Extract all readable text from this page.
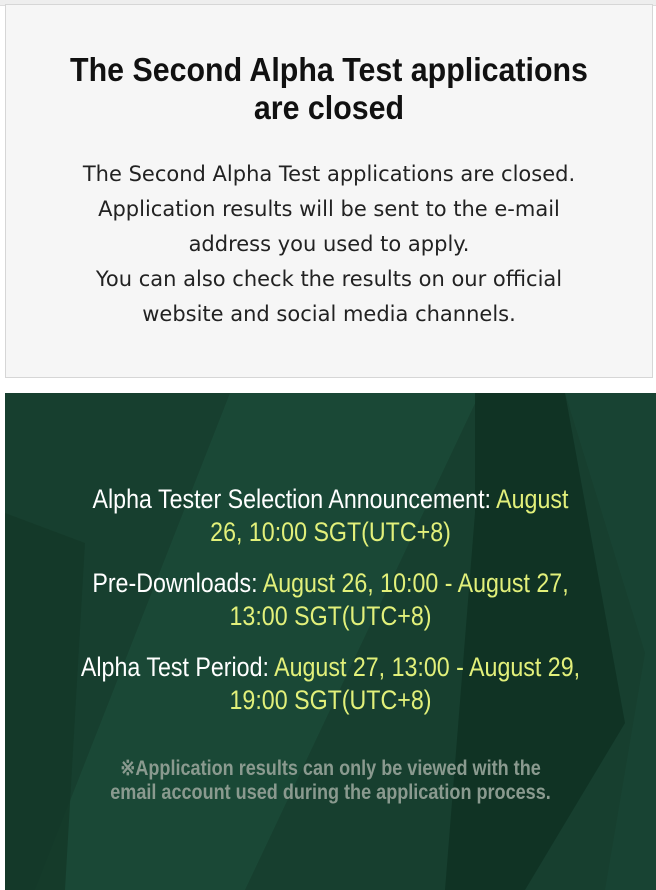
The Second Alpha Test applications are closed
The Second Alpha Test applications are closed.
Application results will be sent to the e-mail
address you used to apply.
You can also check the results on our official
website and social media channels.
Alpha Tester Selection Announcement: August 26, 10:00 SGT(UTC+8)
Pre-Downloads: August 26, 10:00 - August 27, 13:00 SGT(UTC+8)
Alpha Test Period: August 27, 13:00 - August 29, 19:00 SGT(UTC+8)
※Application results can only be viewed with the email account used during the application process.
